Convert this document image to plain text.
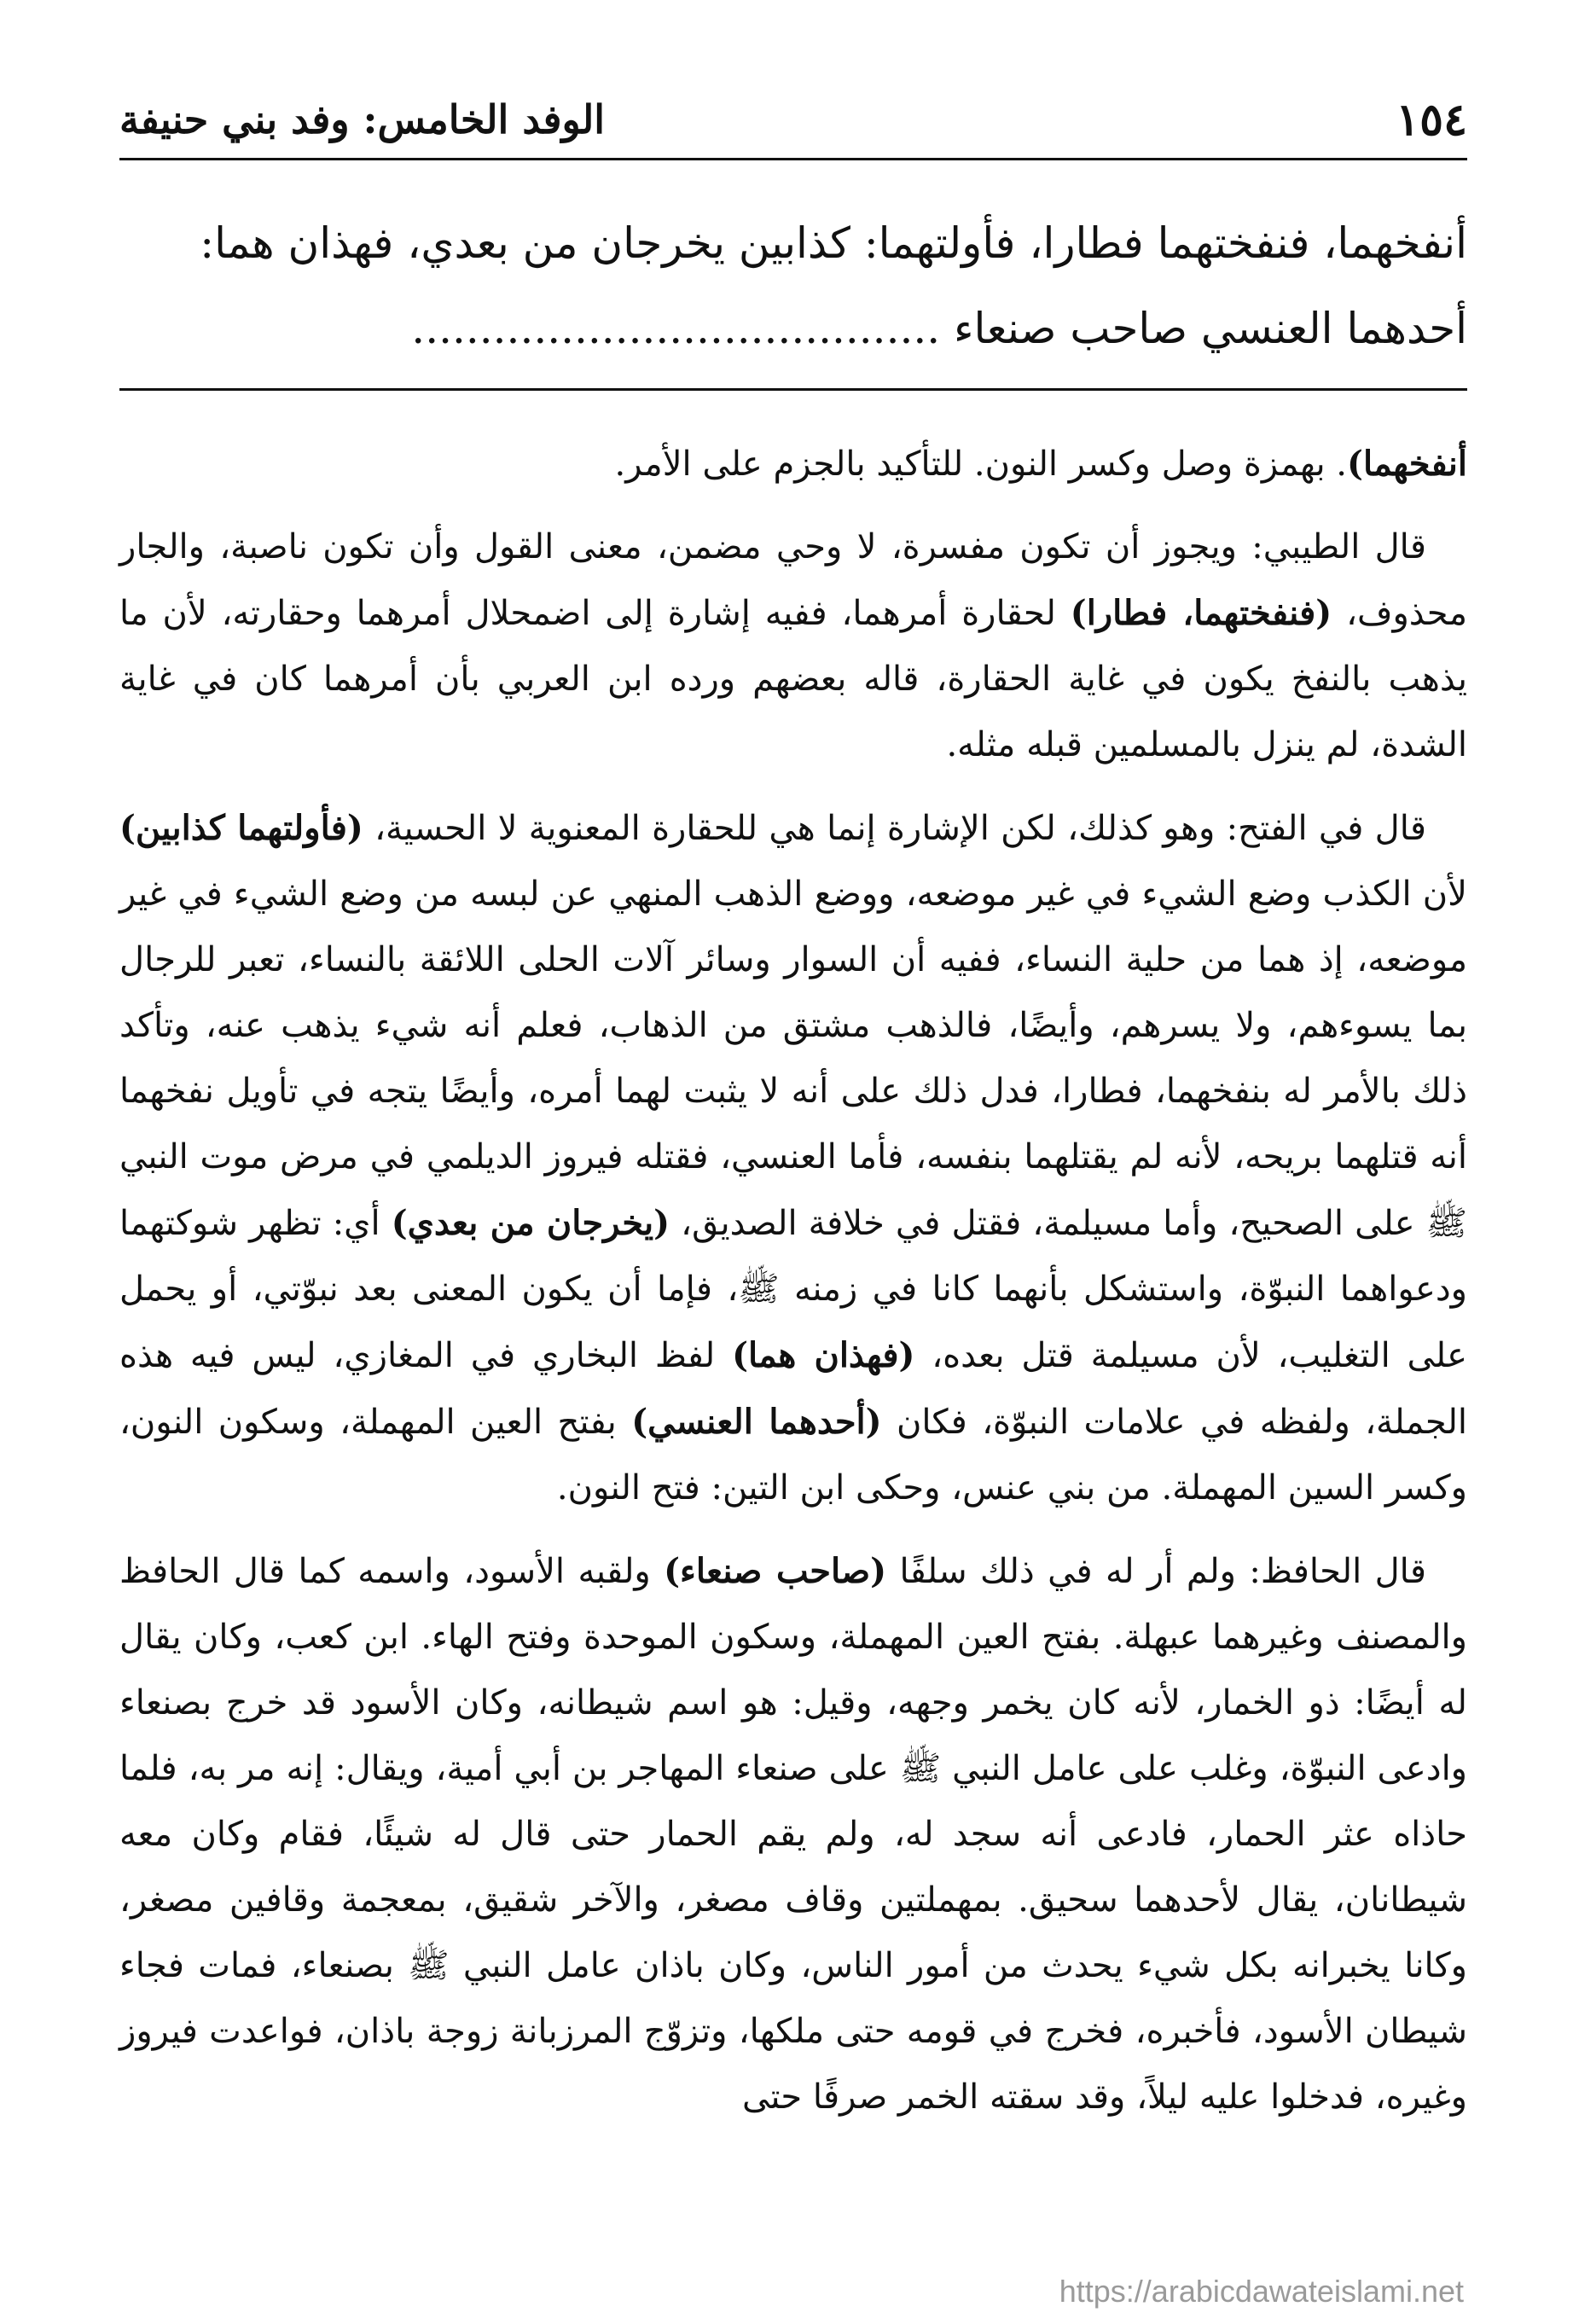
١٥٤
الوفد الخامس: وفد بني حنيفة

أنفخهما، فنفختهما فطارا، فأولتهما: كذابين يخرجان من بعدي، فهذان هما:

أحدهما العنسي صاحب صنعاء .......................................

أنفخهما). بهمزة وصل وكسر النون. للتأكيد بالجزم على الأمر.

قال الطيبي: ويجوز أن تكون مفسرة، لا وحي مضمن، معنى القول وأن تكون ناصبة، والجار محذوف، (فنفختهما، فطارا) لحقارة أمرهما، ففيه إشارة إلى اضمحلال أمرهما وحقارته، لأن ما يذهب بالنفخ يكون في غاية الحقارة، قاله بعضهم ورده ابن العربي بأن أمرهما كان في غاية الشدة، لم ينزل بالمسلمين قبله مثله.

قال في الفتح: وهو كذلك، لكن الإشارة إنما هي للحقارة المعنوية لا الحسية، (فأولتهما كذابين) لأن الكذب وضع الشيء في غير موضعه، ووضع الذهب المنهي عن لبسه من وضع الشيء في غير موضعه، إذ هما من حلية النساء، ففيه أن السوار وسائر آلات الحلى اللائقة بالنساء، تعبر للرجال بما يسوءهم، ولا يسرهم، وأيضًا، فالذهب مشتق من الذهاب، فعلم أنه شيء يذهب عنه، وتأكد ذلك بالأمر له بنفخهما، فطارا، فدل ذلك على أنه لا يثبت لهما أمره، وأيضًا يتجه في تأويل نفخهما أنه قتلهما بريحه، لأنه لم يقتلهما بنفسه، فأما العنسي، فقتله فيروز الديلمي في مرض موت النبي ﷺ على الصحيح، وأما مسيلمة، فقتل في خلافة الصديق، (يخرجان من بعدي) أي: تظهر شوكتهما ودعواهما النبوّة، واستشكل بأنهما كانا في زمنه ﷺ، فإما أن يكون المعنى بعد نبوّتي، أو يحمل على التغليب، لأن مسيلمة قتل بعده، (فهذان هما) لفظ البخاري في المغازي، ليس فيه هذه الجملة، ولفظه في علامات النبوّة، فكان (أحدهما العنسي) بفتح العين المهملة، وسكون النون، وكسر السين المهملة. من بني عنس، وحكى ابن التين: فتح النون.

قال الحافظ: ولم أر له في ذلك سلفًا (صاحب صنعاء) ولقبه الأسود، واسمه كما قال الحافظ والمصنف وغيرهما عبهلة. بفتح العين المهملة، وسكون الموحدة وفتح الهاء. ابن كعب، وكان يقال له أيضًا: ذو الخمار، لأنه كان يخمر وجهه، وقيل: هو اسم شيطانه، وكان الأسود قد خرج بصنعاء وادعى النبوّة، وغلب على عامل النبي ﷺ على صنعاء المهاجر بن أبي أمية، ويقال: إنه مر به، فلما حاذاه عثر الحمار، فادعى أنه سجد له، ولم يقم الحمار حتى قال له شيئًا، فقام وكان معه شيطانان، يقال لأحدهما سحيق. بمهملتين وقاف مصغر، والآخر شقيق، بمعجمة وقافين مصغر، وكانا يخبرانه بكل شيء يحدث من أمور الناس، وكان باذان عامل النبي ﷺ بصنعاء، فمات فجاء شيطان الأسود، فأخبره، فخرج في قومه حتى ملكها، وتزوّج المرزبانة زوجة باذان، فواعدت فيروز وغيره، فدخلوا عليه ليلاً، وقد سقته الخمر صرفًا حتى

https://arabicdawateislami.net
